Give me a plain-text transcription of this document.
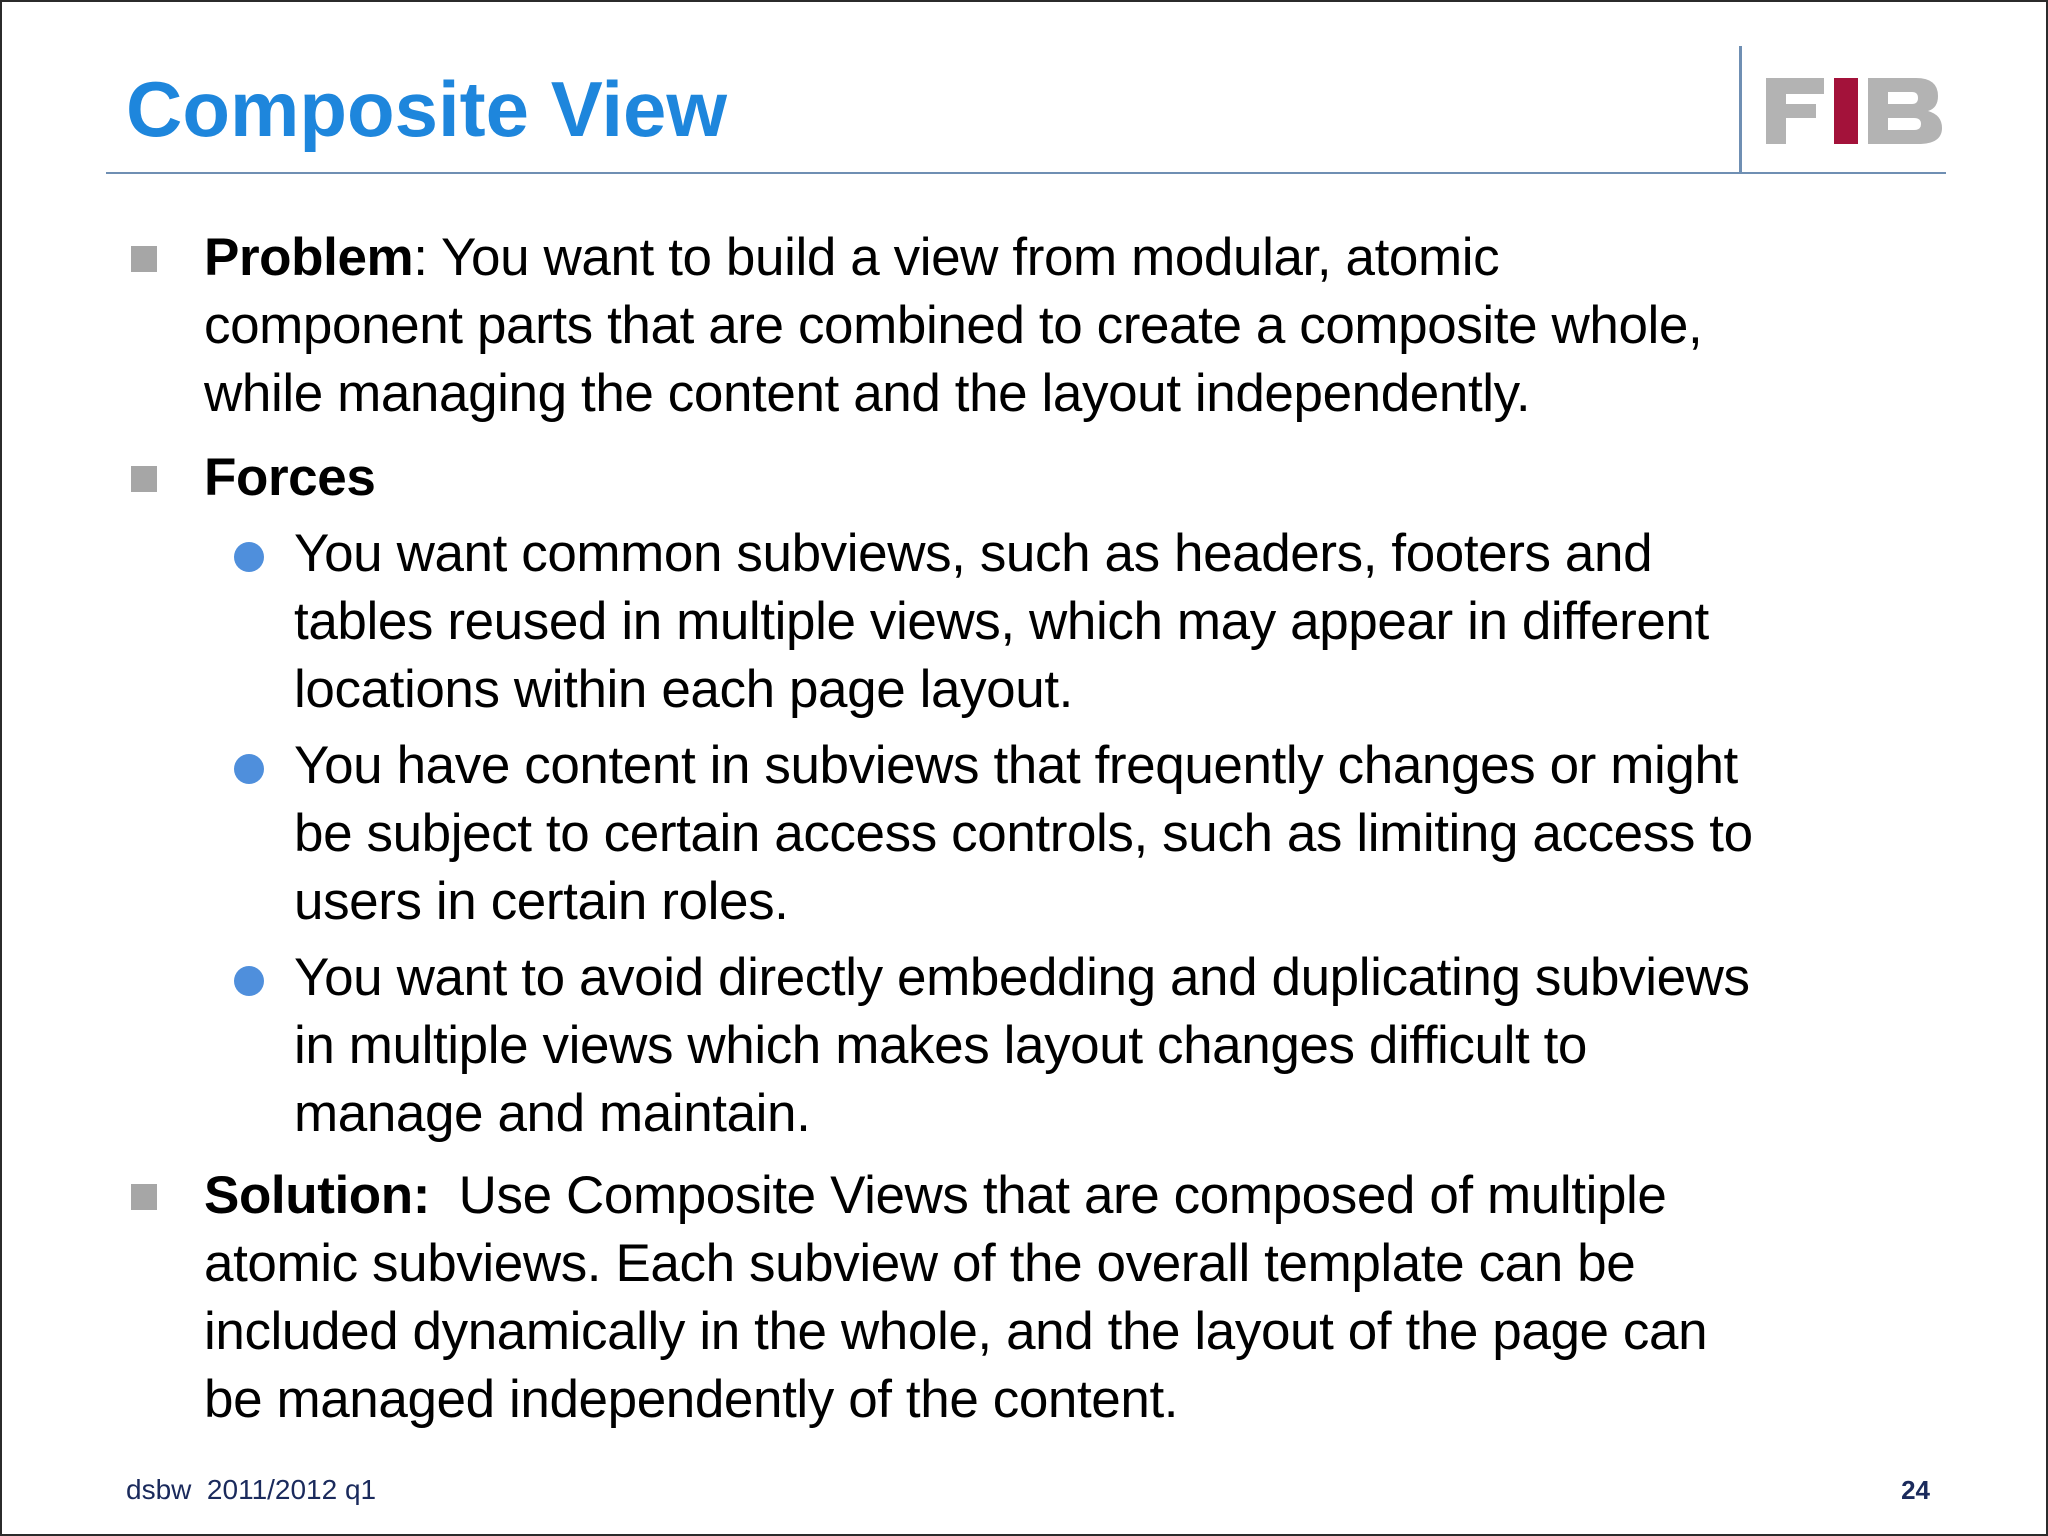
Composite View
Problem: You want to build a view from modular, atomic
component parts that are combined to create a composite whole,
while managing the content and the layout independently.
Forces
You want common subviews, such as headers, footers and
tables reused in multiple views, which may appear in different
locations within each page layout.
You have content in subviews that frequently changes or might
be subject to certain access controls, such as limiting access to
users in certain roles.
You want to avoid directly embedding and duplicating subviews
in multiple views which makes layout changes difficult to
manage and maintain.
Solution:  Use Composite Views that are composed of multiple
atomic subviews. Each subview of the overall template can be
included dynamically in the whole, and the layout of the page can
be managed independently of the content.
dsbw  2011/2012 q1	24
